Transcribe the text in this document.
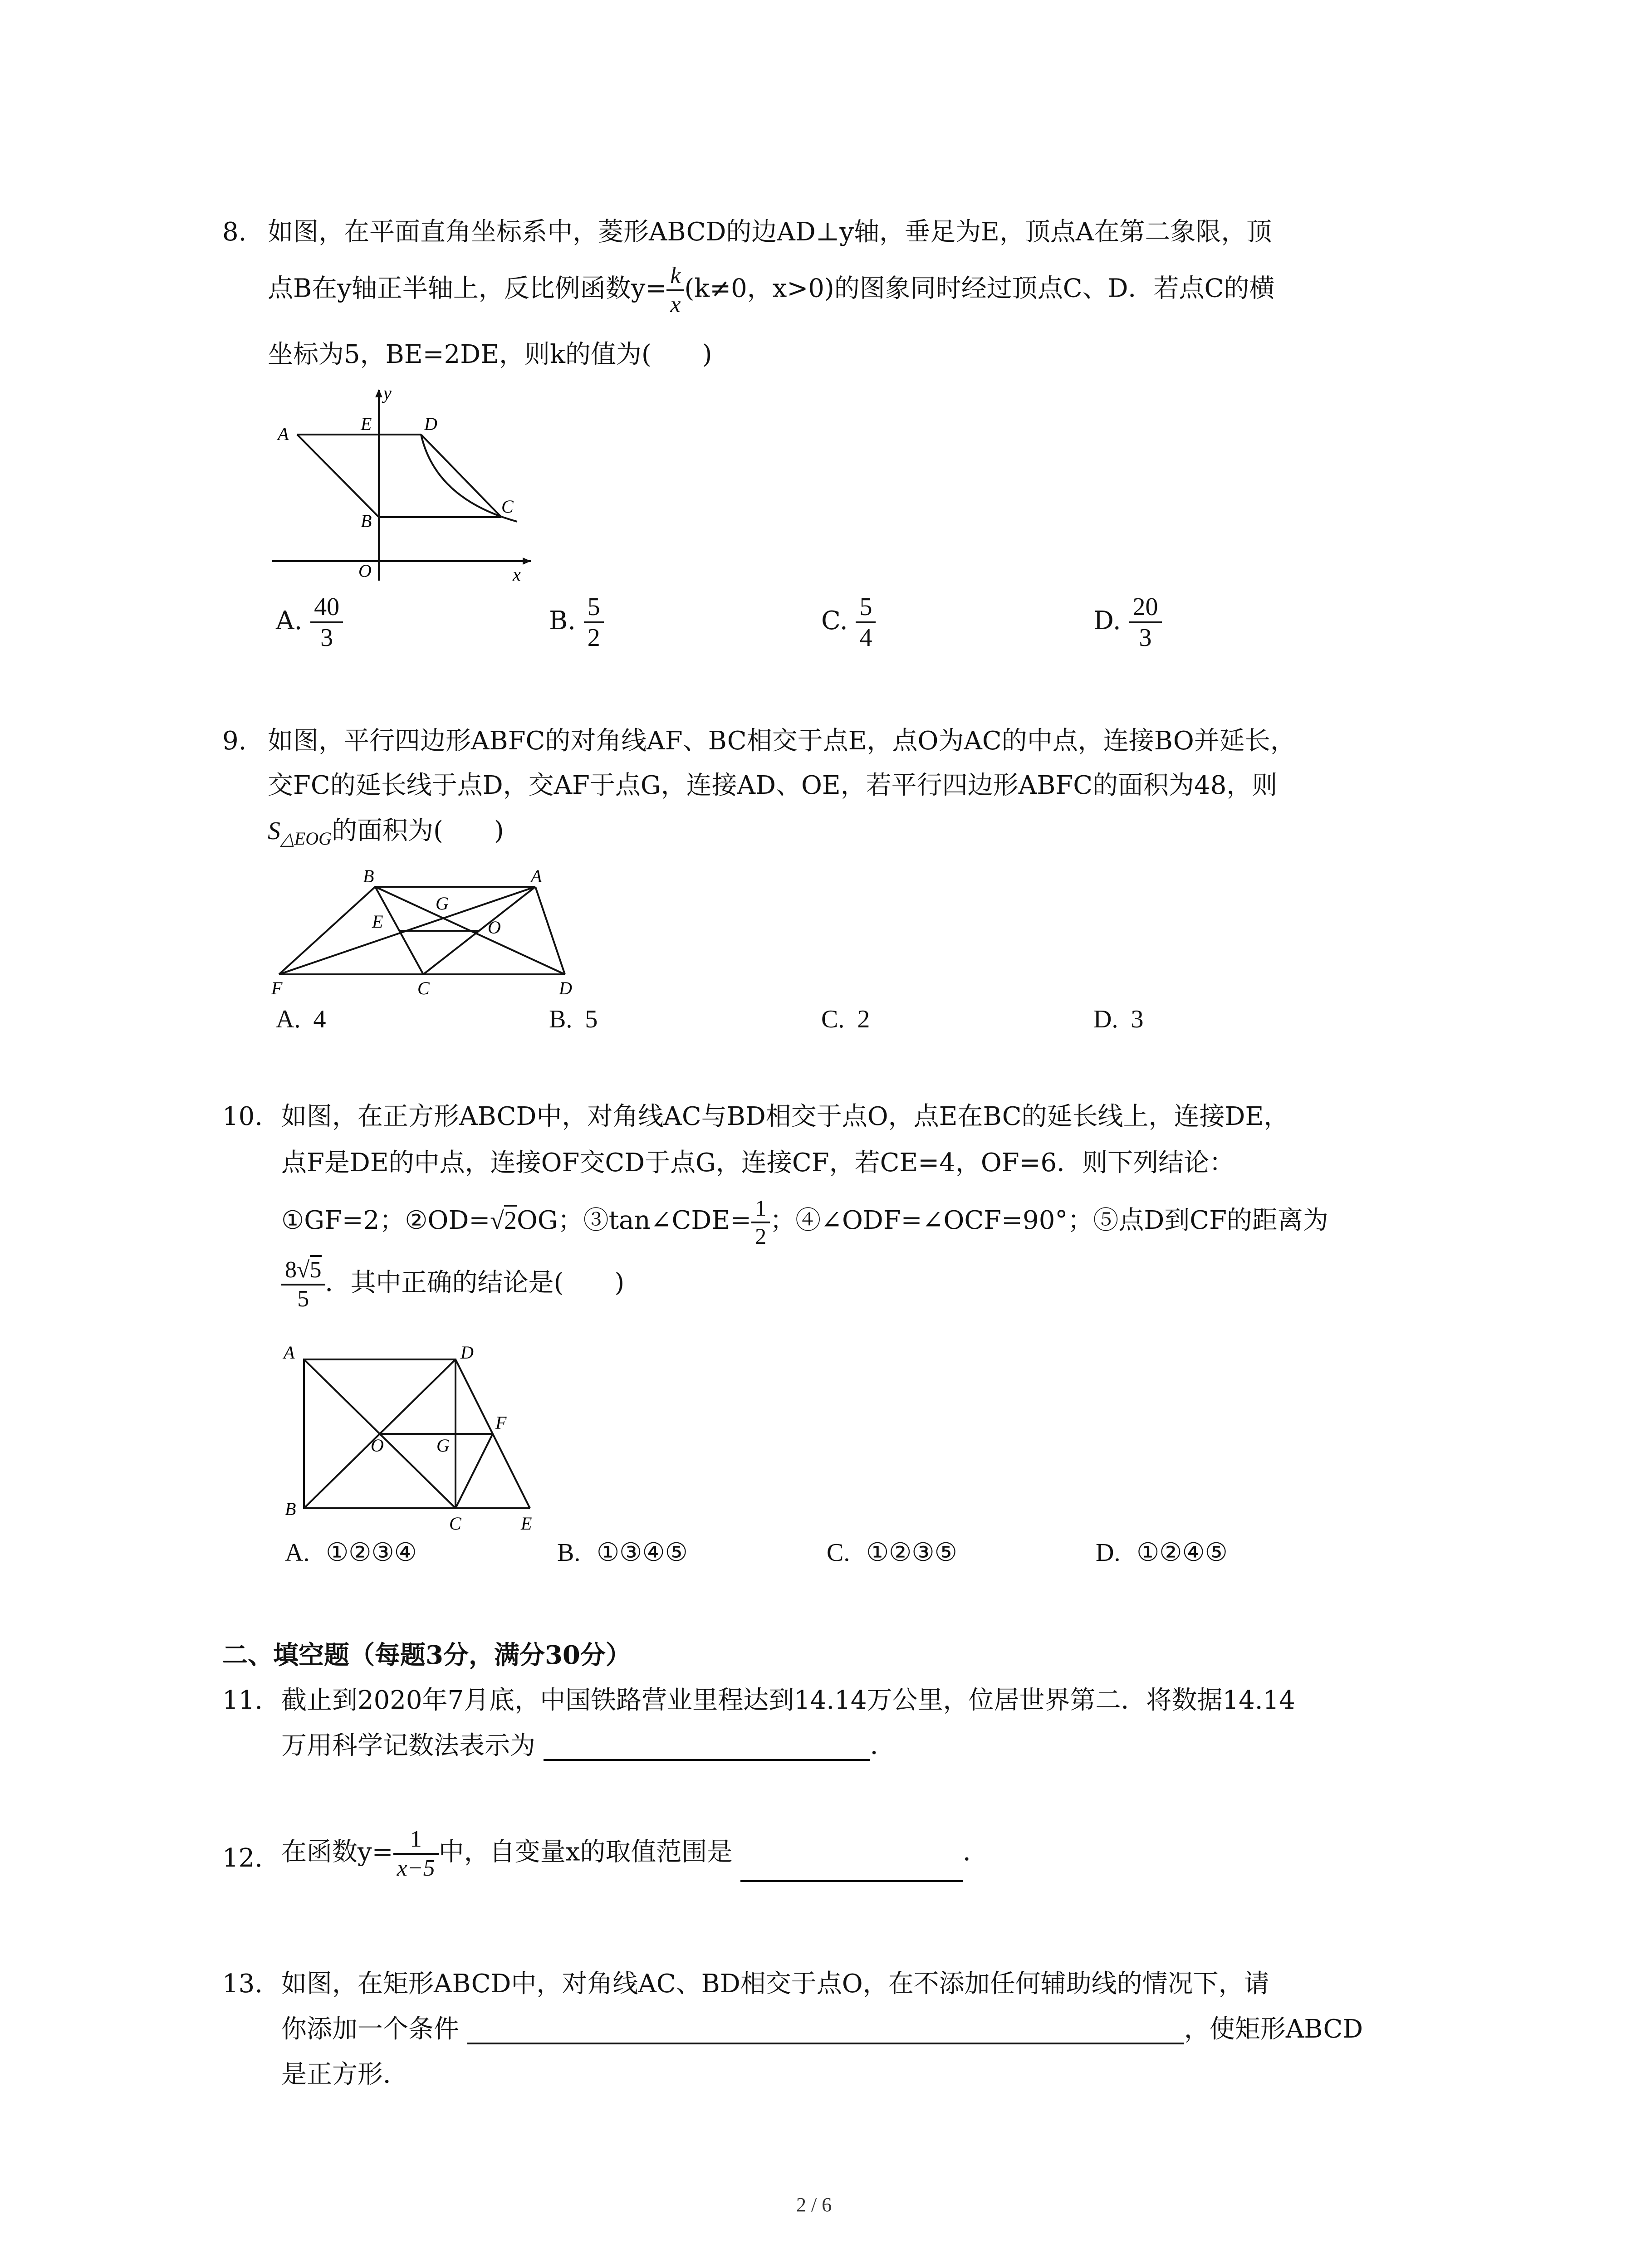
8. 如图，在平面直角坐标系中，菱形ABCD的边AD⊥y轴，垂足为E，顶点A在第二象限，顶
点B在y轴正半轴上，反比例函数$y= \frac{k}{x} (k\ne 0$，x>0)的图象同时经过顶点C、D．若点C的横
坐标为5，BE=2DE，则k的值为(　　)
A	E	D
y
B
C
O	x
A. $\frac{40}{3}$	B. $\frac{5}{2}$	C. $\frac{5}{4}$	D. $\frac{20}{3}$
9. 如图，平行四边形ABFC的对角线AF、BC相交于点E，点O为AC的中点，连接BO并延长，
交FC的延长线于点D，交AF于点G，连接AD、OE，若平行四边形ABFC的面积为48，则
$S_{\triangle EOG}$的面积为(　　)
B	A
G
E	O
F	C	D
A. 4	B. 5	C. 2	D. 3
10. 如图，在正方形ABCD中，对角线AC与BD相交于点O，点E在BC的延长线上，连接DE，
点F是DE的中点，连接OF交CD于点G，连接CF，若CE=4，OF=6．则下列结论：
①GF=2；②OD=√2OG；③tan∠CDE= $\frac{1}{2}$ ；④∠ODF=∠OCF=90°；⑤点D到CF的距离为
$\frac{8√5}{5}$ ．其中正确的结论是(　　)
A	D
F
O	G
B
C	E
A. ①②③④	B. ①③④⑤	C. ①②③⑤	D. ①②④⑤
二、填空题（每题3分，满分30分）
11. 截止到2020年7月底，中国铁路营业里程达到14.14万公里，位居世界第二．将数据14.14
万用科学记数法表示为	．
12. 在函数$y= \frac{1}{x-5}$ 中，自变量x的取值范围是	．
13. 如图，在矩形ABCD中，对角线AC、BD相交于点O，在不添加任何辅助线的情况下，请
你添加一个条件	，使矩形ABCD
是正方形．
2 / 6
